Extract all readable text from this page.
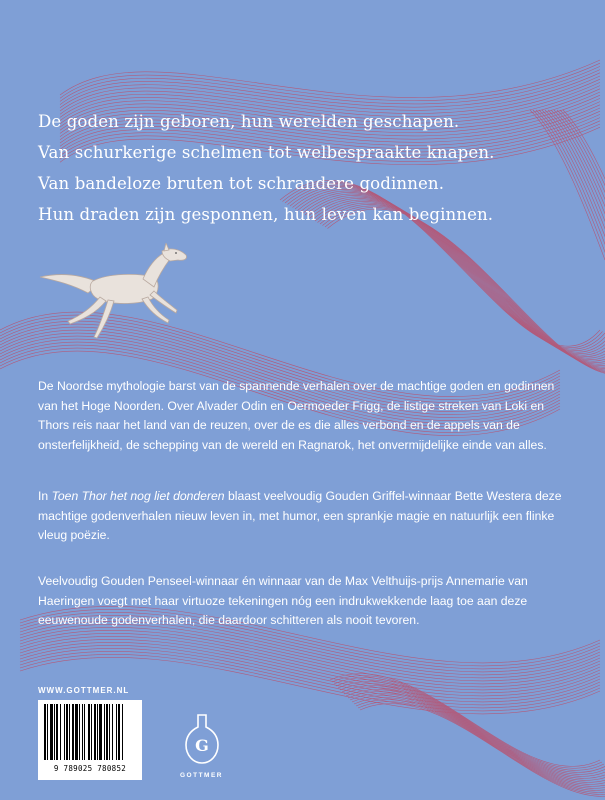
De goden zijn geboren, hun werelden geschapen.
Van schurkerige schelmen tot welbespraakte knapen.
Van bandeloze bruten tot schrandere godinnen.
Hun draden zijn gesponnen, hun leven kan beginnen.
De Noordse mythologie barst van de spannende verhalen over de machtige goden en godinnen van het Hoge Noorden. Over Alvader Odin en Oermoeder Frigg, de listige streken van Loki en Thors reis naar het land van de reuzen, over de es die alles verbond en de appels van de onsterfelijkheid, de schepping van de wereld en Ragnarok, het onvermijdelijke einde van alles.
In Toen Thor het nog liet donderen blaast veelvoudig Gouden Griffel-winnaar Bette Westera deze machtige godenverhalen nieuw leven in, met humor, een sprankje magie en natuurlijk een flinke vleug poëzie.
Veelvoudig Gouden Penseel-winnaar én winnaar van de Max Velthuijs-prijs Annemarie van Haeringen voegt met haar virtuoze tekeningen nóg een indrukwekkende laag toe aan deze eeuwenoude godenverhalen, die daardoor schitteren als nooit tevoren.
WWW.GOTTMER.NL
9 789025 780852
G
GOTTMER
